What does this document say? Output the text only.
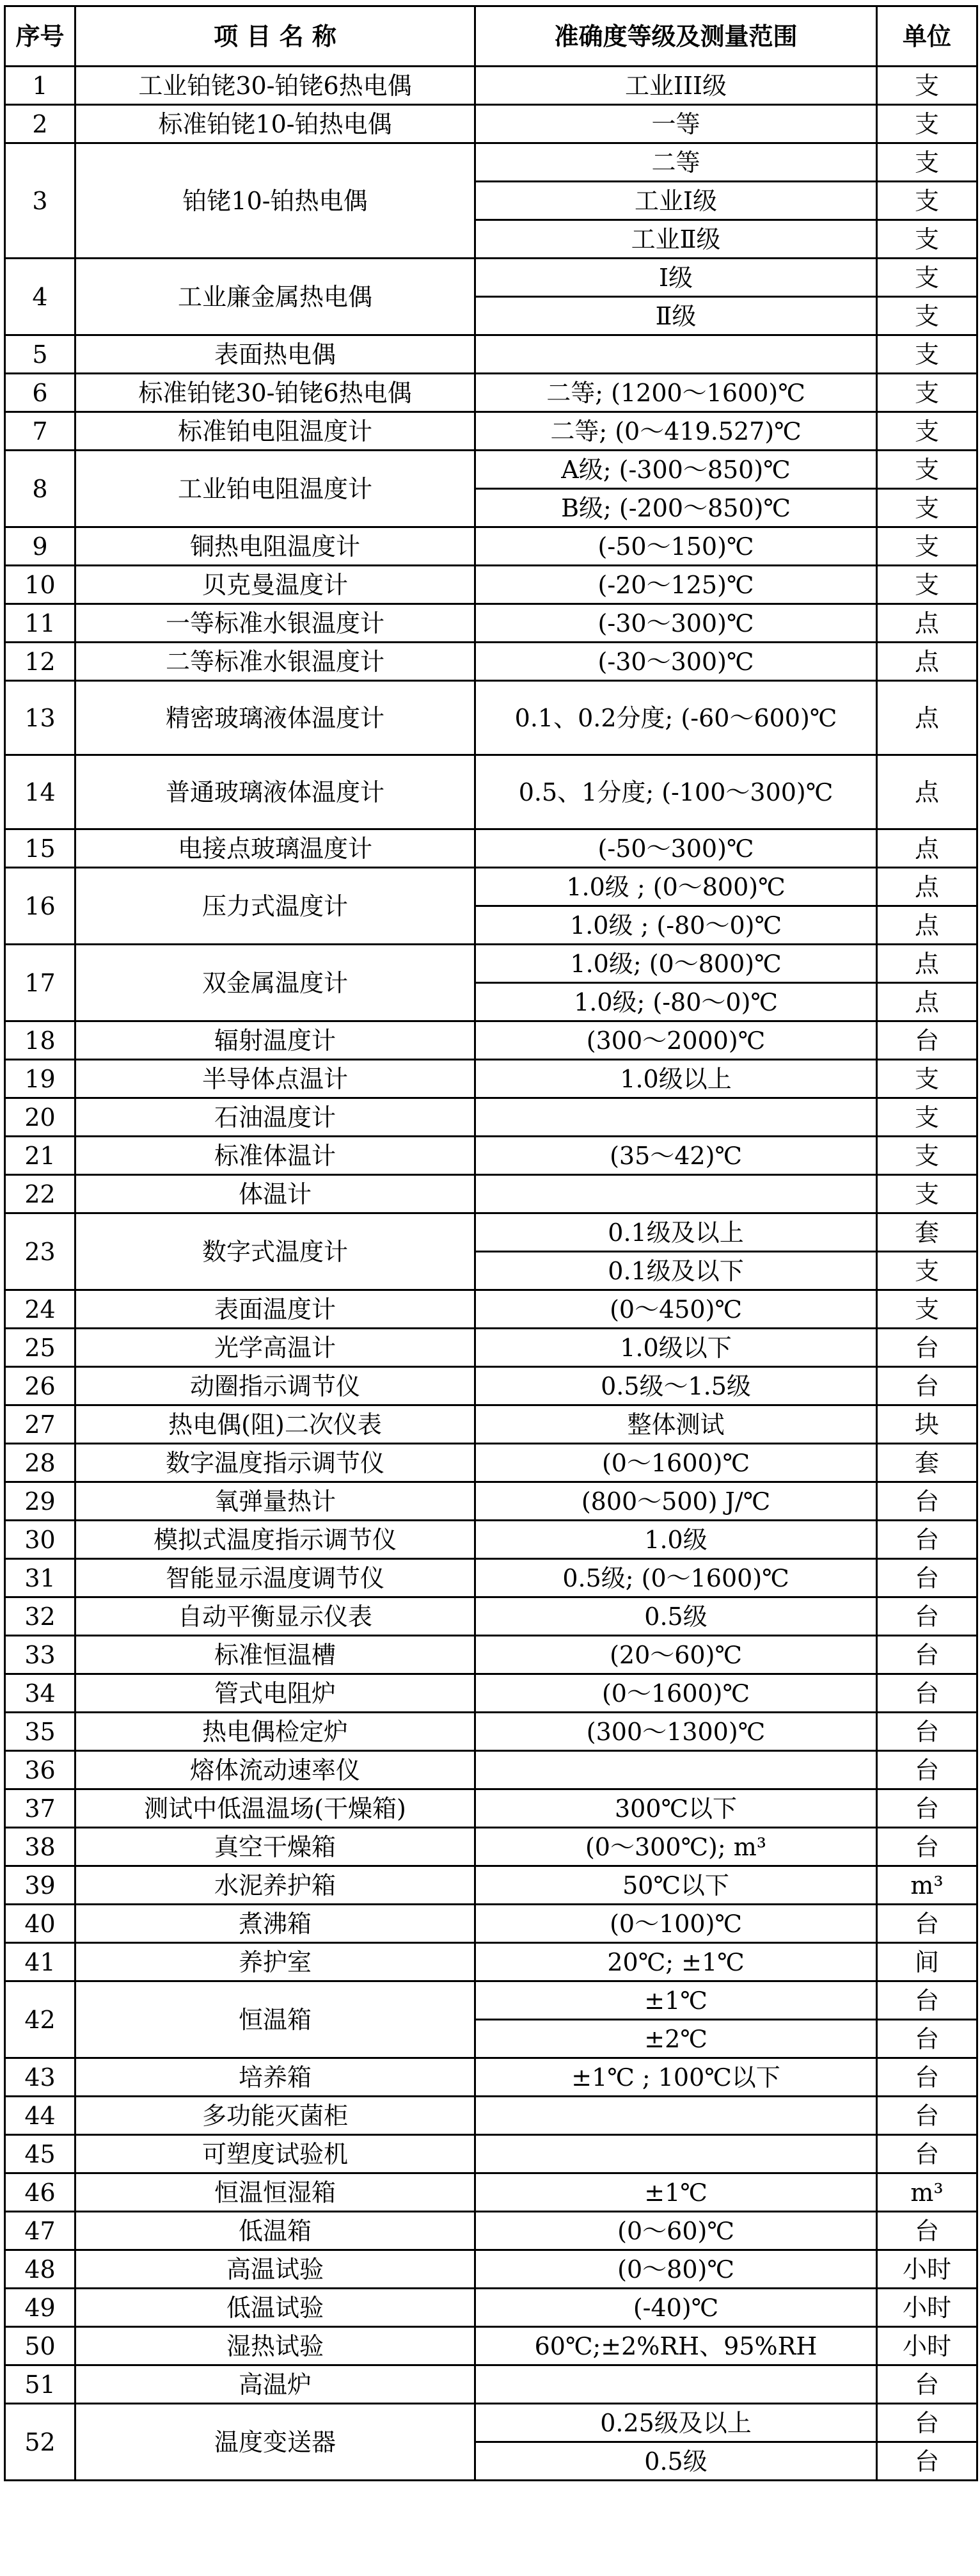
序号	项 目 名 称	准确度等级及测量范围	单位
1	工业铂铑30-铂铑6热电偶	工业III级	支
2	标准铂铑10-铂热电偶	一等	支
3	铂铑10-铂热电偶	二等	支
		工业Ⅰ级	支
		工业Ⅱ级	支
4	工业廉金属热电偶	Ⅰ级	支
		Ⅱ级	支
5	表面热电偶		支
6	标准铂铑30-铂铑6热电偶	二等; (1200～1600)℃	支
7	标准铂电阻温度计	二等; (0～419.527)℃	支
8	工业铂电阻温度计	A级; (-300～850)℃	支
		B级; (-200～850)℃	支
9	铜热电阻温度计	(-50～150)℃	支
10	贝克曼温度计	(-20～125)℃	支
11	一等标准水银温度计	(-30～300)℃	点
12	二等标准水银温度计	(-30～300)℃	点
13	精密玻璃液体温度计	0.1、0.2分度; (-60～600)℃	点
14	普通玻璃液体温度计	0.5、1分度; (-100～300)℃	点
15	电接点玻璃温度计	(-50～300)℃	点
16	压力式温度计	1.0级 ; (0～800)℃	点
		1.0级 ; (-80～0)℃	点
17	双金属温度计	1.0级; (0～800)℃	点
		1.0级; (-80～0)℃	点
18	辐射温度计	(300～2000)℃	台
19	半导体点温计	1.0级以上	支
20	石油温度计		支
21	标准体温计	(35～42)℃	支
22	体温计		支
23	数字式温度计	0.1级及以上	套
		0.1级及以下	支
24	表面温度计	(0～450)℃	支
25	光学高温计	1.0级以下	台
26	动圈指示调节仪	0.5级～1.5级	台
27	热电偶(阻)二次仪表	整体测试	块
28	数字温度指示调节仪	(0～1600)℃	套
29	氧弹量热计	(800～500) J/℃	台
30	模拟式温度指示调节仪	1.0级	台
31	智能显示温度调节仪	0.5级; (0～1600)℃	台
32	自动平衡显示仪表	0.5级	台
33	标准恒温槽	(20～60)℃	台
34	管式电阻炉	(0～1600)℃	台
35	热电偶检定炉	(300～1300)℃	台
36	熔体流动速率仪		台
37	测试中低温温场(干燥箱)	300℃以下	台
38	真空干燥箱	(0～300℃); m³	台
39	水泥养护箱	50℃以下	m³
40	煮沸箱	(0～100)℃	台
41	养护室	20℃; ±1℃	间
42	恒温箱	±1℃	台
		±2℃	台
43	培养箱	±1℃ ; 100℃以下	台
44	多功能灭菌柜		台
45	可塑度试验机		台
46	恒温恒湿箱	±1℃	m³
47	低温箱	(0～60)℃	台
48	高温试验	(0～80)℃	小时
49	低温试验	(-40)℃	小时
50	湿热试验	60℃;±2%RH、95%RH	小时
51	高温炉		台
52	温度变送器	0.25级及以上	台
		0.5级	台
